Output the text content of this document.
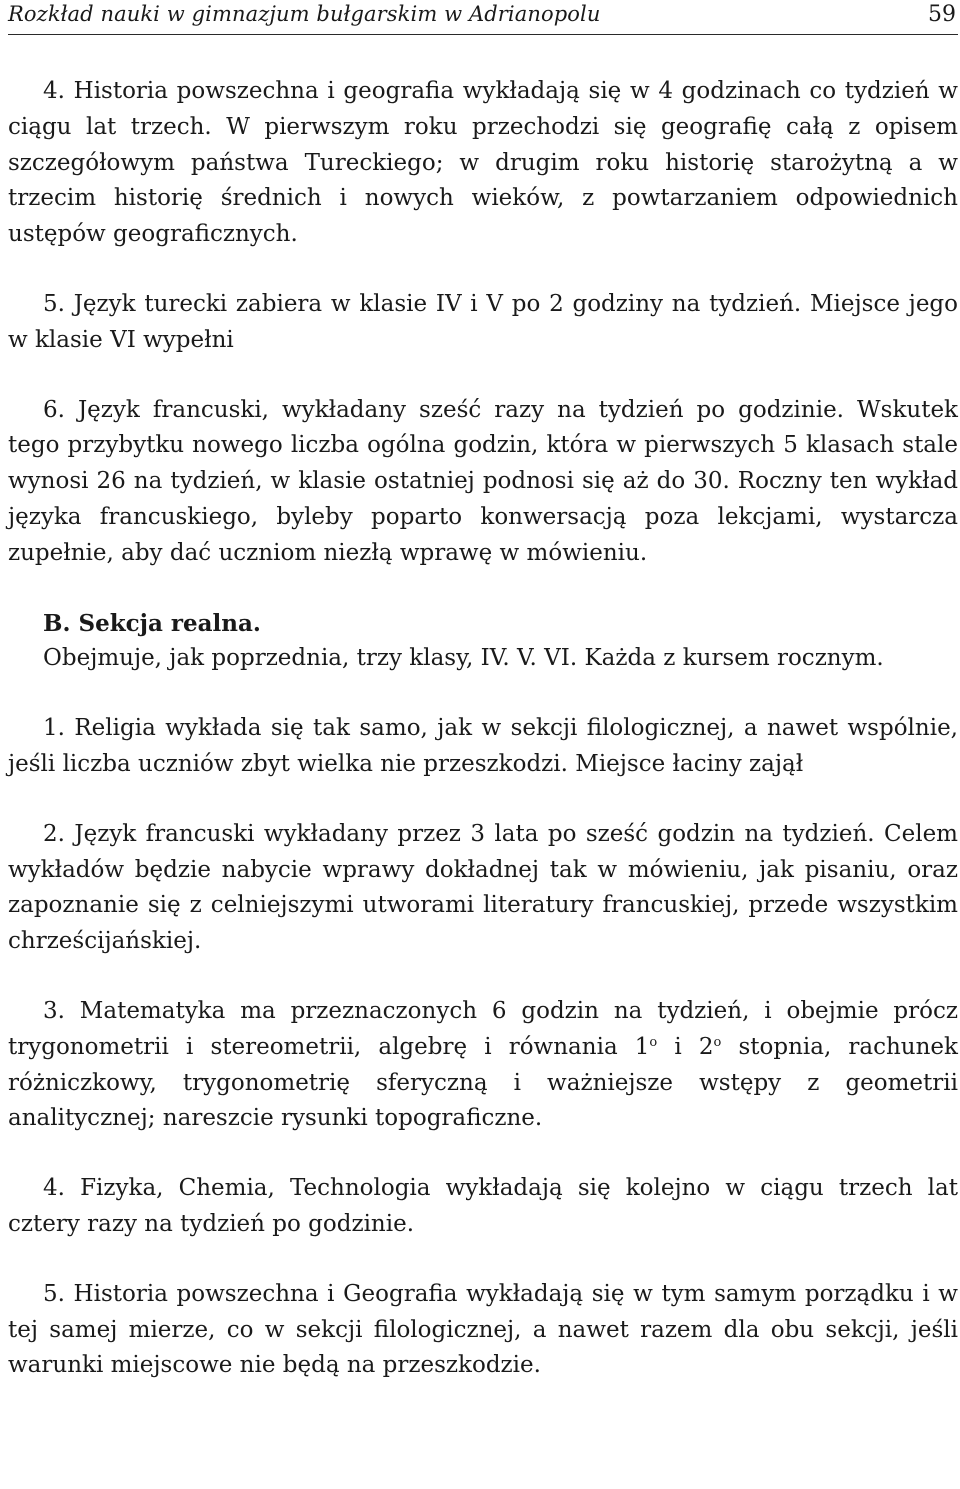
Rozkład nauki w gimnazjum bułgarskim w Adrianopolu	59

4. Historia powszechna i geografia wykładają się w 4 godzinach co tydzień w ciągu lat trzech. W pierwszym roku przechodzi się geografię całą z opisem szczegółowym państwa Tureckiego; w drugim roku historię starożytną a w trzecim historię średnich i nowych wieków, z powtarzaniem odpowiednich ustępów geograficznych.

5. Język turecki zabiera w klasie IV i V po 2 godziny na tydzień. Miejsce jego w klasie VI wypełni

6. Język francuski, wykładany sześć razy na tydzień po godzinie. Wskutek tego przybytku nowego liczba ogólna godzin, która w pierwszych 5 klasach stale wynosi 26 na tydzień, w klasie ostatniej podnosi się aż do 30. Roczny ten wykład języka francuskiego, byleby poparto konwersacją poza lekcjami, wystarcza zupełnie, aby dać uczniom niezłą wprawę w mówieniu.

B. Sekcja realna.

Obejmuje, jak poprzednia, trzy klasy, IV. V. VI. Każda z kursem rocznym.

1. Religia wykłada się tak samo, jak w sekcji filologicznej, a nawet wspólnie, jeśli liczba uczniów zbyt wielka nie przeszkodzi. Miejsce łaciny zajął

2. Język francuski wykładany przez 3 lata po sześć godzin na tydzień. Celem wykładów będzie nabycie wprawy dokładnej tak w mówieniu, jak pisaniu, oraz zapoznanie się z celniejszymi utworami literatury francuskiej, przede wszystkim chrześcijańskiej.

3. Matematyka ma przeznaczonych 6 godzin na tydzień, i obejmie prócz trygonometrii i stereometrii, algebrę i równania 1$^o$ i 2$^o$ stopnia, rachunek różniczkowy, trygonometrię sferyczną i ważniejsze wstępy z geometrii analitycznej; nareszcie rysunki topograficzne.

4. Fizyka, Chemia, Technologia wykładają się kolejno w ciągu trzech lat cztery razy na tydzień po godzinie.

5. Historia powszechna i Geografia wykładają się w tym samym porządku i w tej samej mierze, co w sekcji filologicznej, a nawet razem dla obu sekcji, jeśli warunki miejscowe nie będą na przeszkodzie.
